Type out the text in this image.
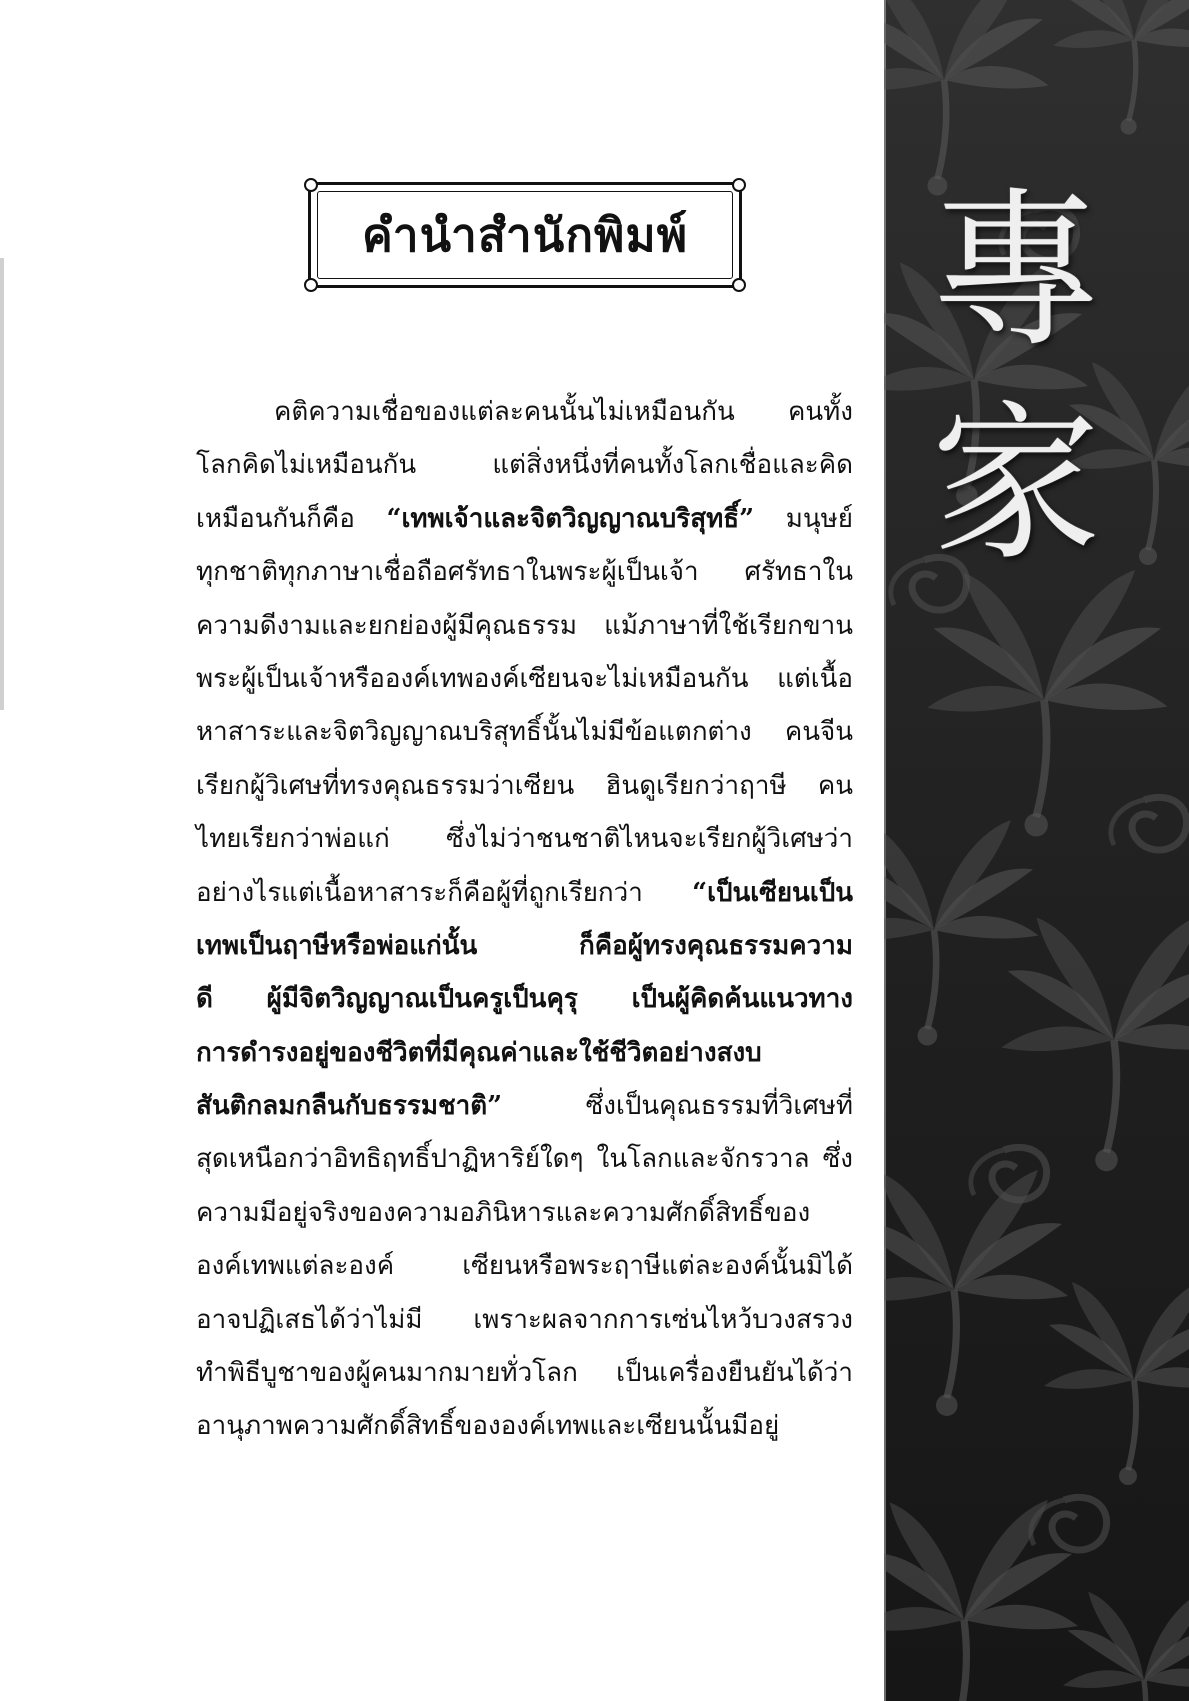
專
家
คำนำสำนักพิมพ์
คติความเชื่อของแต่ละคนนั้นไม่เหมือนกัน คนทั้ง
โลกคิดไม่เหมือนกัน แต่สิ่งหนึ่งที่คนทั้งโลกเชื่อและคิด
เหมือนกันก็คือ “เทพเจ้าและจิตวิญญาณบริสุทธิ์” มนุษย์
ทุกชาติทุกภาษาเชื่อถือศรัทธาในพระผู้เป็นเจ้า ศรัทธาใน
ความดีงามและยกย่องผู้มีคุณธรรม แม้ภาษาที่ใช้เรียกขาน
พระผู้เป็นเจ้าหรือองค์เทพองค์เซียนจะไม่เหมือนกัน แต่เนื้อ
หาสาระและจิตวิญญาณบริสุทธิ์นั้นไม่มีข้อแตกต่าง คนจีน
เรียกผู้วิเศษที่ทรงคุณธรรมว่าเซียน ฮินดูเรียกว่าฤาษี คน
ไทยเรียกว่าพ่อแก่ ซึ่งไม่ว่าชนชาติไหนจะเรียกผู้วิเศษว่า
อย่างไรแต่เนื้อหาสาระก็คือผู้ที่ถูกเรียกว่า “เป็นเซียนเป็น
เทพเป็นฤาษีหรือพ่อแก่นั้น ก็คือผู้ทรงคุณธรรมความ
ดี ผู้มีจิตวิญญาณเป็นครูเป็นคุรุ เป็นผู้คิดค้นแนวทาง
การดำรงอยู่ของชีวิตที่มีคุณค่าและใช้ชีวิตอย่างสงบ
สันติกลมกลืนกับธรรมชาติ” ซึ่งเป็นคุณธรรมที่วิเศษที่
สุดเหนือกว่าอิทธิฤทธิ์ปาฏิหาริย์ใดๆ ในโลกและจักรวาล ซึ่ง
ความมีอยู่จริงของความอภินิหารและความศักดิ์สิทธิ์ของ
องค์เทพแต่ละองค์ เซียนหรือพระฤาษีแต่ละองค์นั้นมิได้
อาจปฏิเสธได้ว่าไม่มี เพราะผลจากการเซ่นไหว้บวงสรวง
ทำพิธีบูชาของผู้คนมากมายทั่วโลก เป็นเครื่องยืนยันได้ว่า
อานุภาพความศักดิ์สิทธิ์ขององค์เทพและเซียนนั้นมีอยู่
